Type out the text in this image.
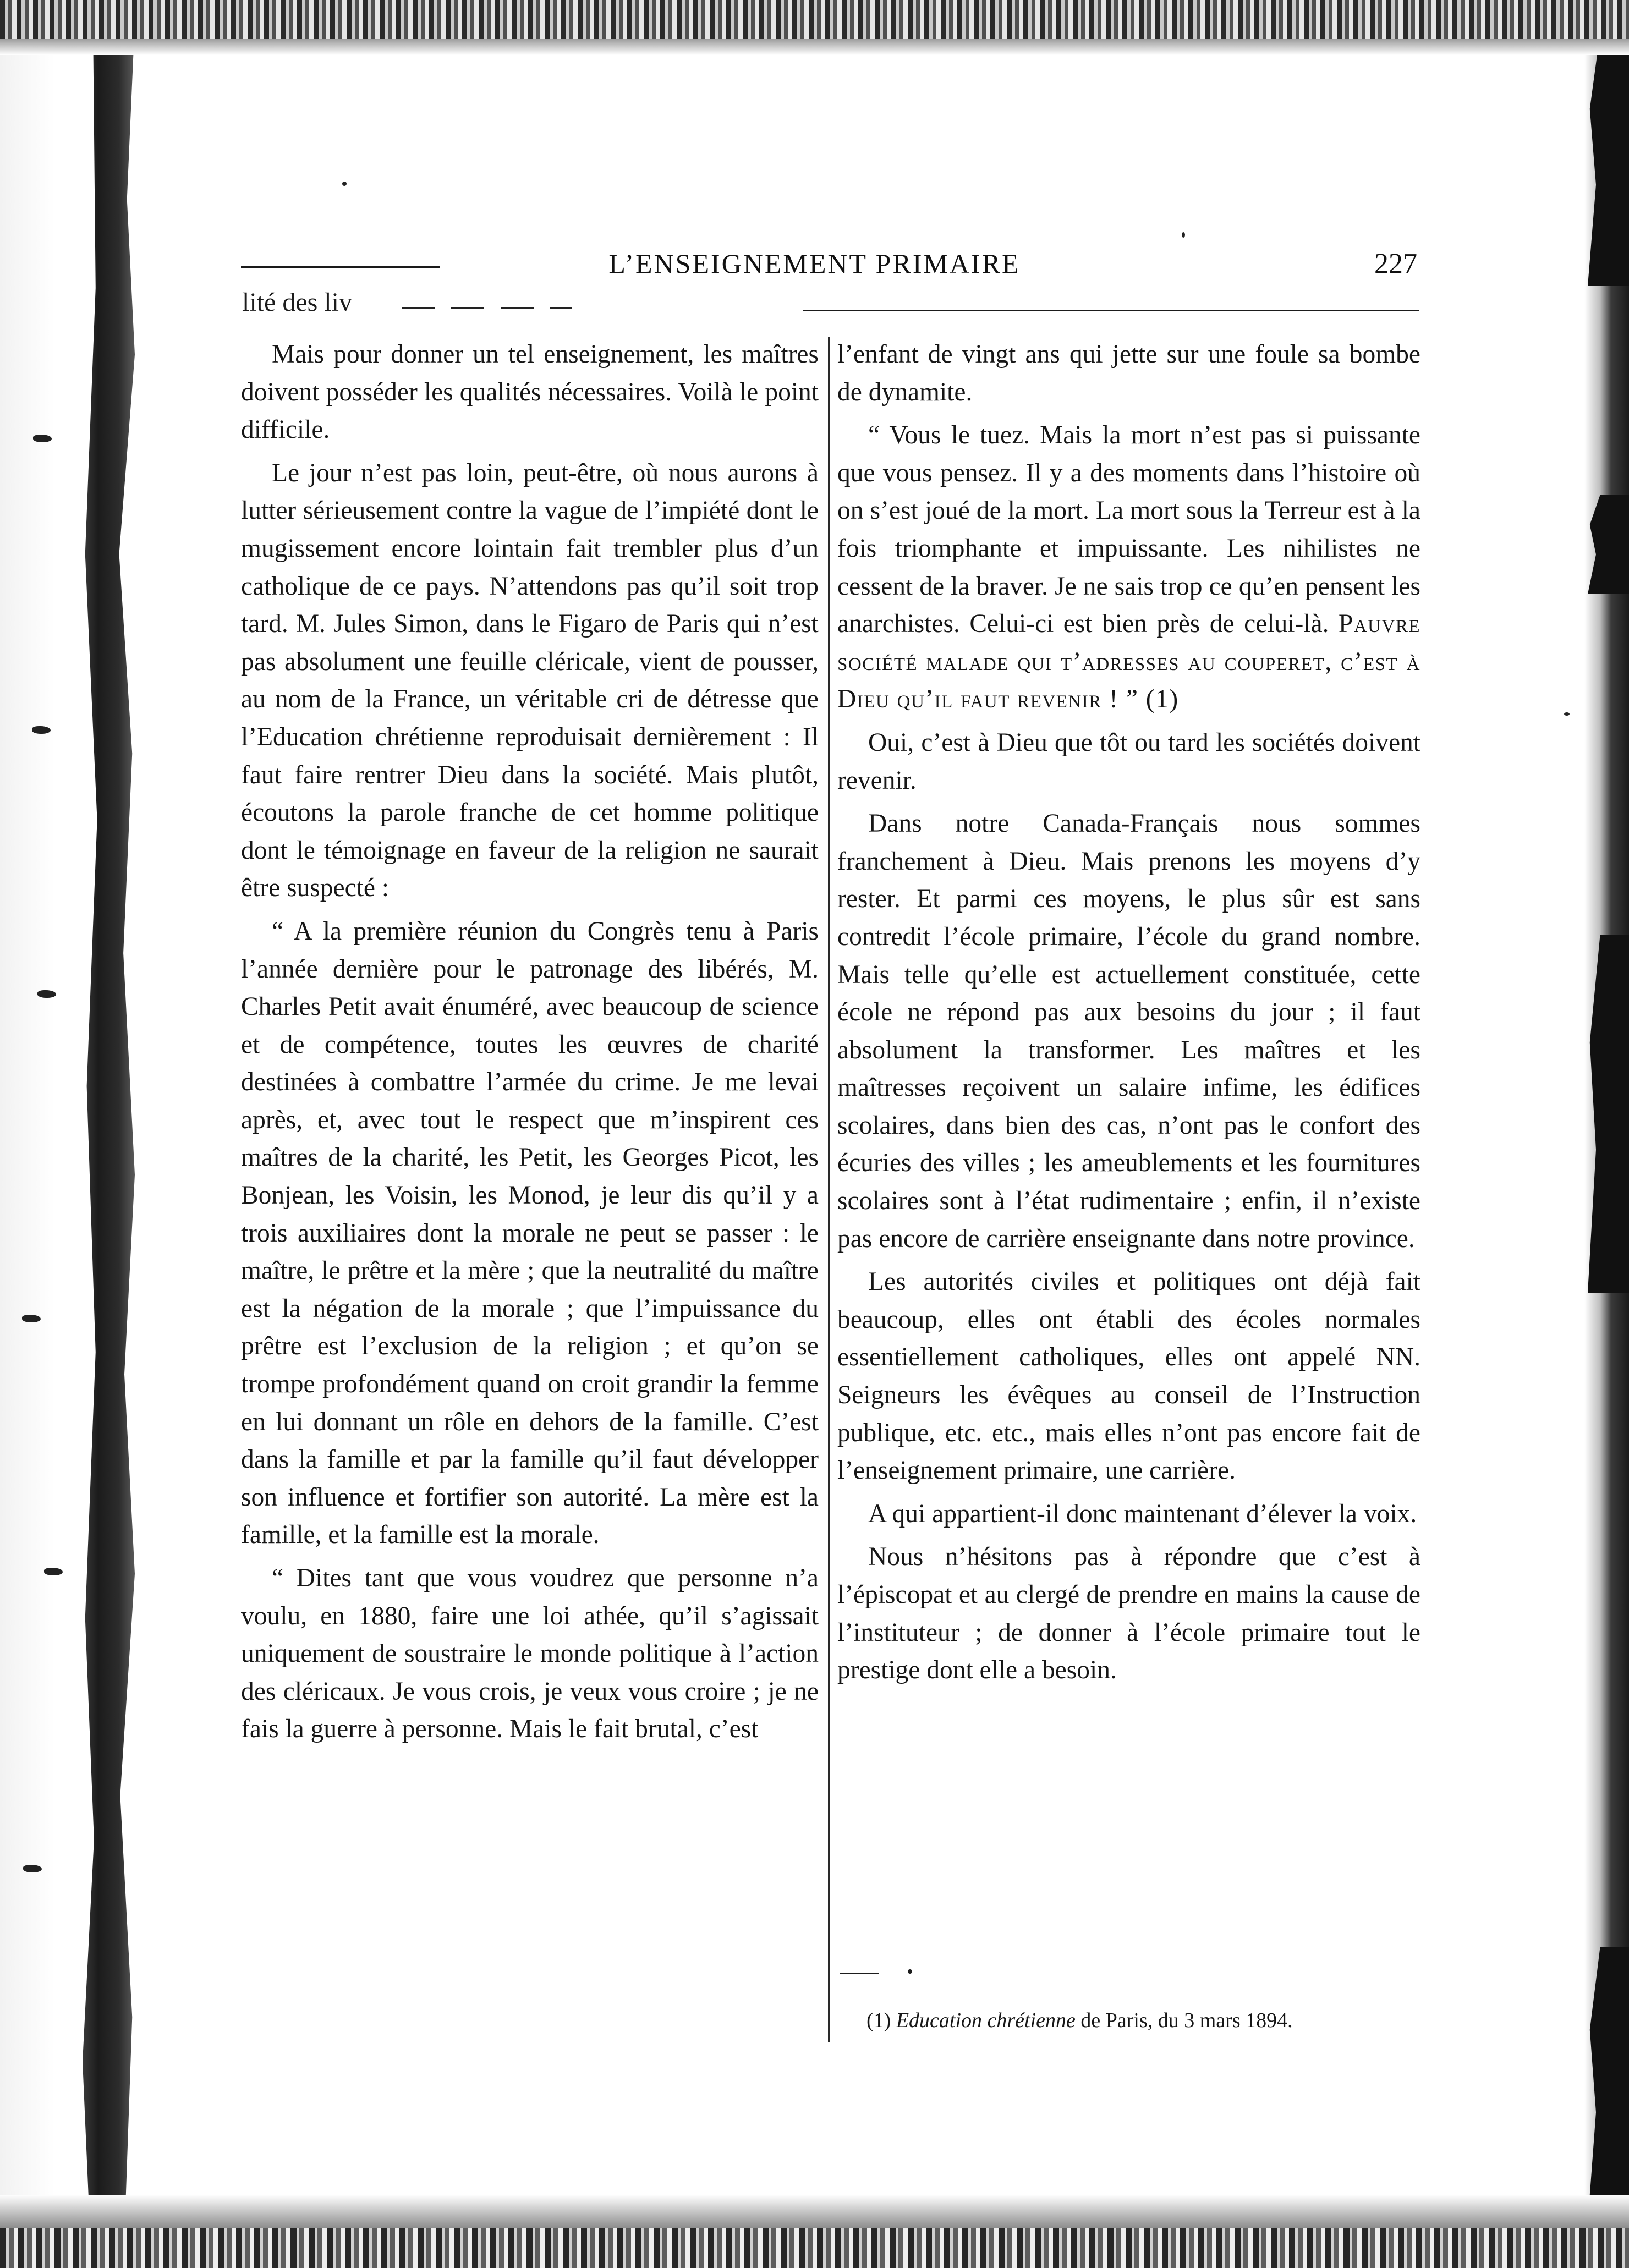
L’ENSEIGNEMENT PRIMAIRE	227
lité des liv

Mais pour donner un tel enseignement, les maîtres doivent posséder les qualités nécessaires. Voilà le point difficile.

Le jour n’est pas loin, peut-être, où nous aurons à lutter sérieusement contre la vague de l’impiété dont le mugissement encore lointain fait trembler plus d’un catholique de ce pays. N’attendons pas qu’il soit trop tard. M. Jules Simon, dans le Figaro de Paris qui n’est pas absolument une feuille cléricale, vient de pousser, au nom de la France, un véritable cri de détresse que l’Education chrétienne reproduisait dernièrement : Il faut faire rentrer Dieu dans la société. Mais plutôt, écoutons la parole franche de cet homme politique dont le témoignage en faveur de la religion ne saurait être suspecté :

“ A la première réunion du Congrès tenu à Paris l’année dernière pour le patronage des libérés, M. Charles Petit avait énuméré, avec beaucoup de science et de compétence, toutes les œuvres de charité destinées à combattre l’armée du crime. Je me levai après, et, avec tout le respect que m’inspirent ces maîtres de la charité, les Petit, les Georges Picot, les Bonjean, les Voisin, les Monod, je leur dis qu’il y a trois auxiliaires dont la morale ne peut se passer : le maître, le prêtre et la mère ; que la neutralité du maître est la négation de la morale ; que l’impuissance du prêtre est l’exclusion de la religion ; et qu’on se trompe profondément quand on croit grandir la femme en lui donnant un rôle en dehors de la famille. C’est dans la famille et par la famille qu’il faut développer son influence et fortifier son autorité. La mère est la famille, et la famille est la morale.

“ Dites tant que vous voudrez que personne n’a voulu, en 1880, faire une loi athée, qu’il s’agissait uniquement de soustraire le monde politique à l’action des cléricaux. Je vous crois, je veux vous croire ; je ne fais la guerre à personne. Mais le fait brutal, c’est

l’enfant de vingt ans qui jette sur une foule sa bombe de dynamite.

“ Vous le tuez. Mais la mort n’est pas si puissante que vous pensez. Il y a des moments dans l’histoire où on s’est joué de la mort. La mort sous la Terreur est à la fois triomphante et impuissante. Les nihilistes ne cessent de la braver. Je ne sais trop ce qu’en pensent les anarchistes. Celui-ci est bien près de celui-là. Pauvre société malade qui t’adresses au couperet, c’est à Dieu qu’il faut revenir ! ” (1)

Oui, c’est à Dieu que tôt ou tard les sociétés doivent revenir.

Dans notre Canada-Français nous sommes franchement à Dieu. Mais prenons les moyens d’y rester. Et parmi ces moyens, le plus sûr est sans contredit l’école primaire, l’école du grand nombre. Mais telle qu’elle est actuellement constituée, cette école ne répond pas aux besoins du jour ; il faut absolument la transformer. Les maîtres et les maîtresses reçoivent un salaire infime, les édifices scolaires, dans bien des cas, n’ont pas le confort des écuries des villes ; les ameublements et les fournitures scolaires sont à l’état rudimentaire ; enfin, il n’existe pas encore de carrière enseignante dans notre province.

Les autorités civiles et politiques ont déjà fait beaucoup, elles ont établi des écoles normales essentiellement catholiques, elles ont appelé NN. Seigneurs les évêques au conseil de l’Instruction publique, etc. etc., mais elles n’ont pas encore fait de l’enseignement primaire, une carrière.

A qui appartient-il donc maintenant d’élever la voix.

Nous n’hésitons pas à répondre que c’est à l’épiscopat et au clergé de prendre en mains la cause de l’instituteur ; de donner à l’école primaire tout le prestige dont elle a besoin.

(1) Education chrétienne de Paris, du 3 mars 1894.
